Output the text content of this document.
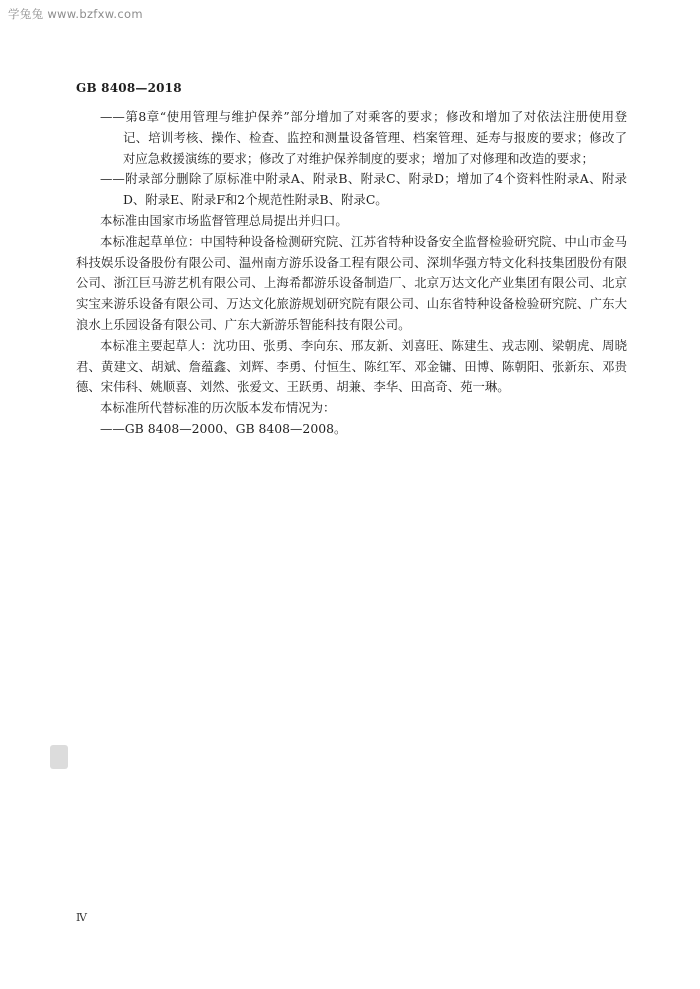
学兔兔 www.bzfxw.com
GB 8408—2018

——第8章“使用管理与维护保养”部分增加了对乘客的要求；修改和增加了对依法注册使用登记、培训考核、操作、检查、监控和测量设备管理、档案管理、延寿与报废的要求；修改了对应急救援演练的要求；修改了对维护保养制度的要求；增加了对修理和改造的要求；

——附录部分删除了原标准中附录A、附录B、附录C、附录D；增加了4个资料性附录A、附录D、附录E、附录F和2个规范性附录B、附录C。

本标准由国家市场监督管理总局提出并归口。

本标准起草单位：中国特种设备检测研究院、江苏省特种设备安全监督检验研究院、中山市金马科技娱乐设备股份有限公司、温州南方游乐设备工程有限公司、深圳华强方特文化科技集团股份有限公司、浙江巨马游艺机有限公司、上海希都游乐设备制造厂、北京万达文化产业集团有限公司、北京实宝来游乐设备有限公司、万达文化旅游规划研究院有限公司、山东省特种设备检验研究院、广东大浪水上乐园设备有限公司、广东大新游乐智能科技有限公司。

本标准主要起草人：沈功田、张勇、李向东、邢友新、刘喜旺、陈建生、戎志刚、梁朝虎、周晓君、黄建文、胡斌、詹蕴鑫、刘辉、李勇、付恒生、陈红军、邓金镛、田博、陈朝阳、张新东、邓贵德、宋伟科、姚顺喜、刘然、张爱文、王跃勇、胡兼、李华、田高奇、苑一琳。

本标准所代替标准的历次版本发布情况为：

——GB 8408—2000、GB 8408—2008。

Ⅳ
